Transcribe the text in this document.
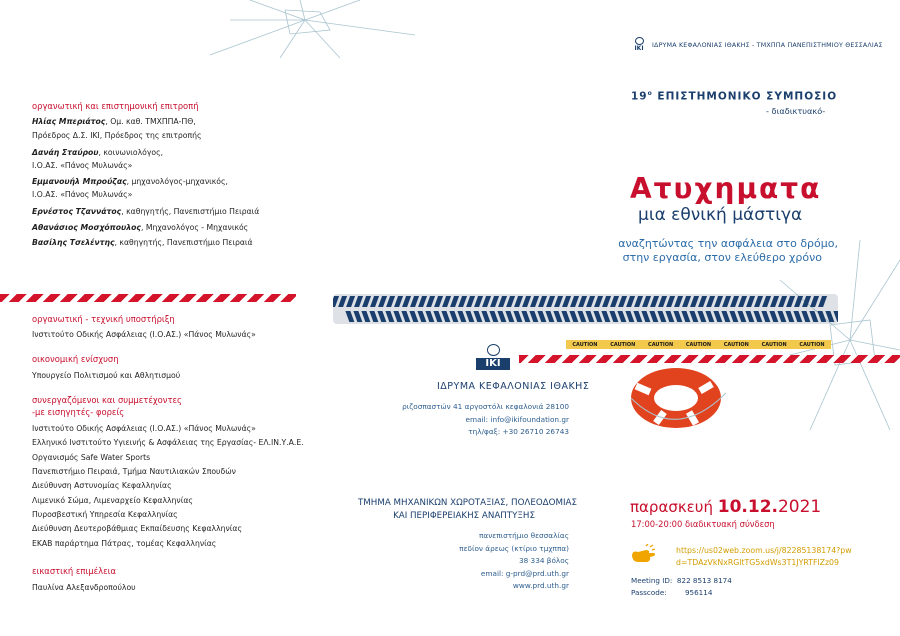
οργανωτική και επιστημονική επιτροπή
Ηλίας Μπεριάτος, Ομ. καθ. ΤΜΧΠΠΑ-ΠΘ,
Πρόεδρος Δ.Σ. ΙΚΙ, Πρόεδρος της επιτροπής
Δανάη Σταύρου, κοινωνιολόγος,
Ι.Ο.ΑΣ. «Πάνος Μυλωνάς»
Εμμανουήλ Μπρούζας, μηχανολόγος-μηχανικός,
Ι.Ο.ΑΣ. «Πάνος Μυλωνάς»
Ερνέστος Τζαννάτος, καθηγητής, Πανεπιστήμιο Πειραιά
Αθανάσιος Μοσχόπουλος, Μηχανολόγος - Μηχανικός
Βασίλης Τσελέντης, καθηγητής, Πανεπιστήμιο Πειραιά
οργανωτική - τεχνική υποστήριξη
Ινστιτούτο Οδικής Ασφάλειας (Ι.Ο.ΑΣ.) «Πάνος Μυλωνάς»
οικονομική ενίσχυση
Υπουργείο Πολιτισμού και Αθλητισμού
συνεργαζόμενοι και συμμετέχοντες
-με εισηγητές- φορείς
Ινστιτούτο Οδικής Ασφάλειας (Ι.Ο.ΑΣ.) «Πάνος Μυλωνάς»
Ελληνικό Ινστιτούτο Υγιεινής & Ασφάλειας της Εργασίας- ΕΛ.ΙΝ.Υ.Α.Ε.
Οργανισμός Safe Water Sports
Πανεπιστήμιο Πειραιά, Τμήμα Ναυτιλιακών Σπουδών
Διεύθυνση Αστυνομίας Κεφαλληνίας
Λιμενικό Σώμα, Λιμεναρχείο Κεφαλληνίας
Πυροσβεστική Υπηρεσία Κεφαλληνίας
Διεύθυνση Δευτεροβάθμιας Εκπαίδευσης Κεφαλληνίας
ΕΚΑΒ παράρτημα Πάτρας, τομέας Κεφαλληνίας
εικαστική επιμέλεια
Παυλίνα Αλεξανδροπούλου
ΙΚΙ	ΙΔΡΥΜΑ ΚΕΦΑΛΟΝΙΑΣ ΙΘΑΚΗΣ - ΤΜΧΠΠΑ ΠΑΝΕΠΙΣΤΗΜΙΟΥ ΘΕΣΣΑΛΙΑΣ
$19^o$ ΕΠΙΣΤΗΜΟΝΙΚΟ ΣΥΜΠΟΣΙΟ
- διαδικτυακό-
Ατυχηματα
μια εθνική μάστιγα
αναζητώντας την ασφάλεια στο δρόμο,
στην εργασία, στον ελεύθερο χρόνο
CAUTION	CAUTION	CAUTION	CAUTION	CAUTION	CAUTION	CAUTION
ΙΚΙ
ΙΔΡΥΜΑ ΚΕΦΑΛΟΝΙΑΣ ΙΘΑΚΗΣ
ριζοσπαστών 41 αργοστόλι κεφαλονιά 28100
email: info@ikifoundation.gr
τηλ/φαξ: +30 26710 26743
ΤΜΗΜΑ ΜΗΧΑΝΙΚΩΝ ΧΩΡΟΤΑΞΙΑΣ, ΠΟΛΕΟΔΟΜΙΑΣ
ΚΑΙ ΠΕΡΙΦΕΡΕΙΑΚΗΣ ΑΝΑΠΤΥΞΗΣ
πανεπιστήμιο θεσσαλίας
πεδίον άρεως (κτίριο τμχππα)
38 334 βόλος
email: g-prd@prd.uth.gr
www.prd.uth.gr
παρασκευή 10.12.2021
17:00-20:00 διαδικτυακή σύνδεση
https://us02web.zoom.us/j/82285138174?pw
d=TDAzVkNxRGltTG5xdWs3T1JYRTFlZz09
Meeting ID: 822 8513 8174
Passcode:	956114
